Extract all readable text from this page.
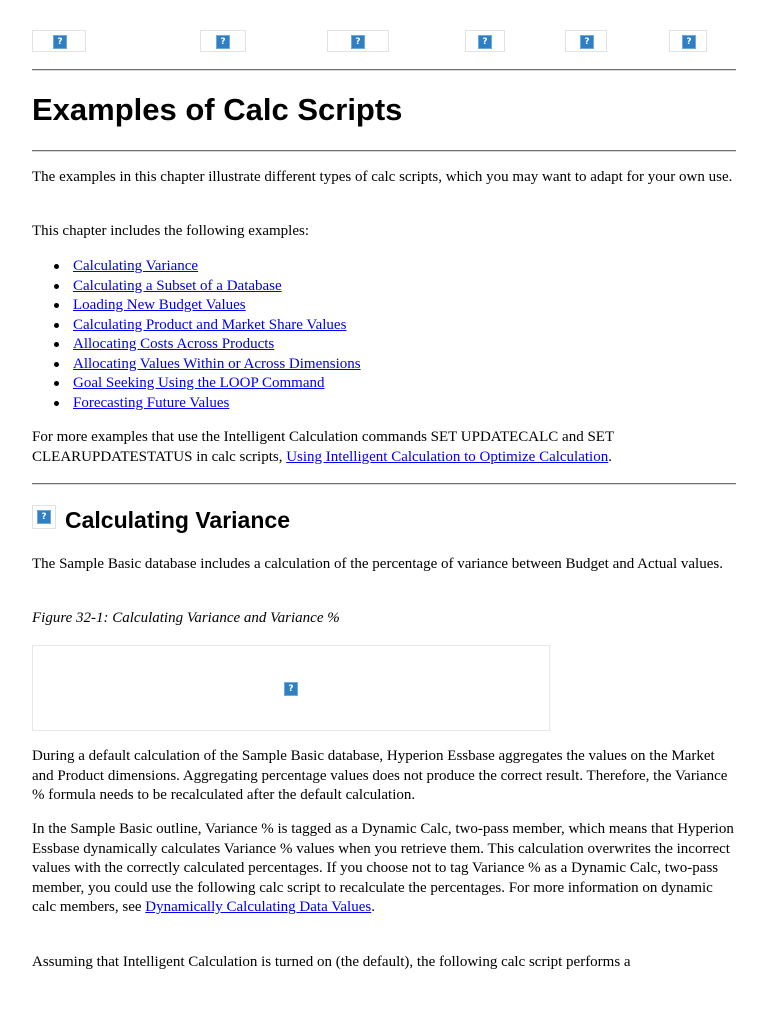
?
?
?
?
?
?
Examples of Calc Scripts

The examples in this chapter illustrate different types of calc scripts, which you may want to adapt for your own use.

This chapter includes the following examples:

Calculating Variance
Calculating a Subset of a Database
Loading New Budget Values
Calculating Product and Market Share Values
Allocating Costs Across Products
Allocating Values Within or Across Dimensions
Goal Seeking Using the LOOP Command
Forecasting Future Values

For more examples that use the Intelligent Calculation commands SET UPDATECALC and SET CLEARUPDATESTATUS in calc scripts, Using Intelligent Calculation to Optimize Calculation.

?
Calculating Variance

The Sample Basic database includes a calculation of the percentage of variance between Budget and Actual values.

Figure 32-1: Calculating Variance and Variance %
?

During a default calculation of the Sample Basic database, Hyperion Essbase aggregates the values on the Market and Product dimensions. Aggregating percentage values does not produce the correct result. Therefore, the Variance % formula needs to be recalculated after the default calculation.

In the Sample Basic outline, Variance % is tagged as a Dynamic Calc, two-pass member, which means that Hyperion Essbase dynamically calculates Variance % values when you retrieve them. This calculation overwrites the incorrect values with the correctly calculated percentages. If you choose not to tag Variance % as a Dynamic Calc, two-pass member, you could use the following calc script to recalculate the percentages. For more information on dynamic calc members, see Dynamically Calculating Data Values.

Assuming that Intelligent Calculation is turned on (the default), the following calc script performs a
